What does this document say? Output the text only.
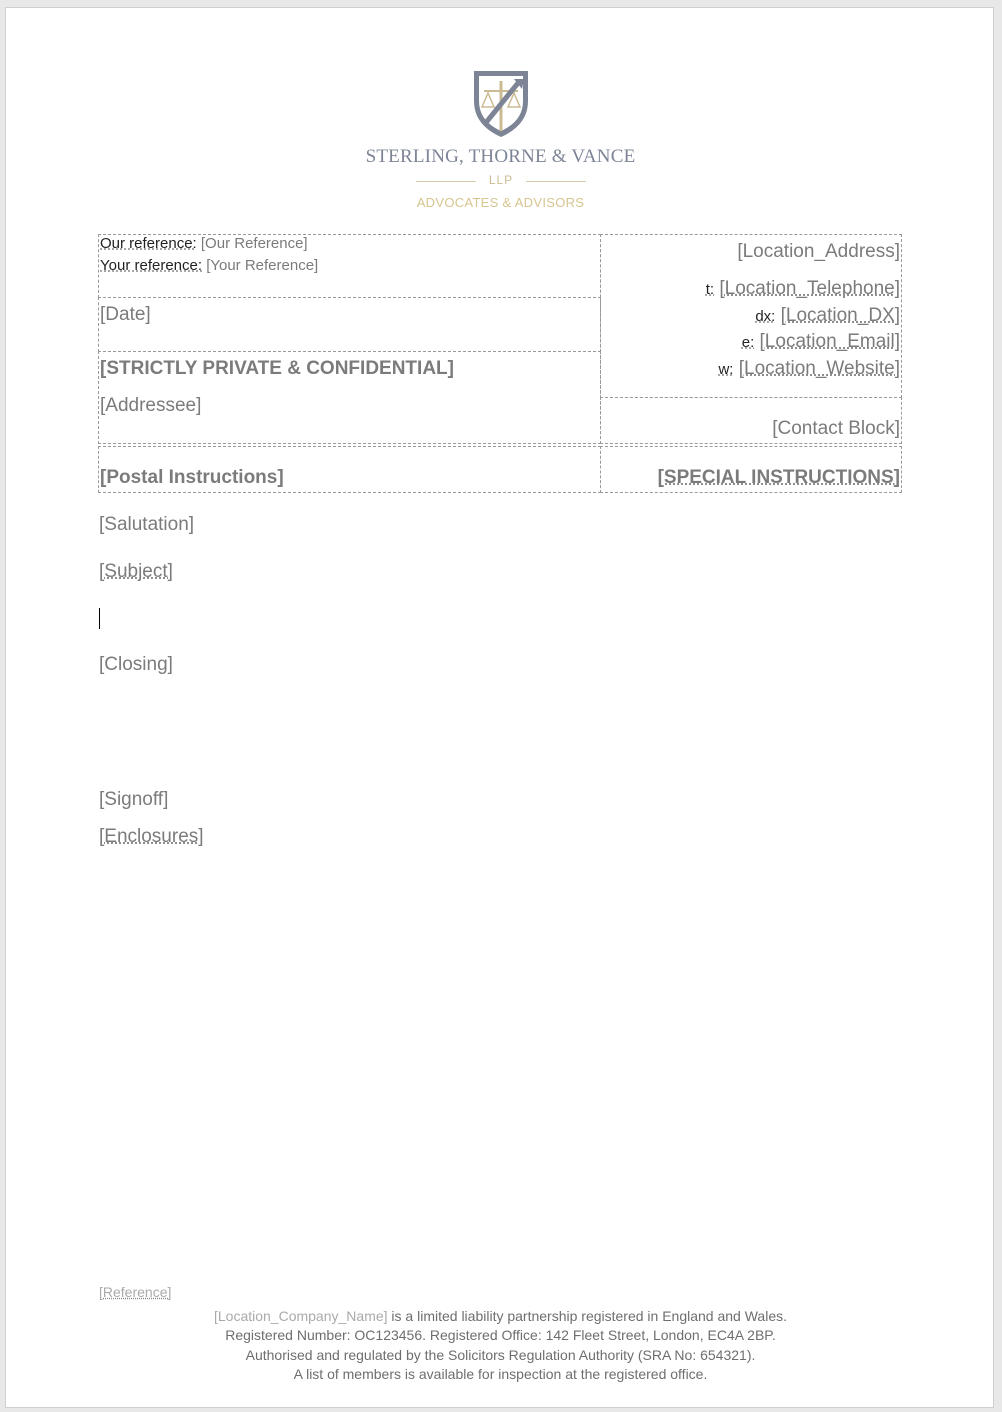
STERLING, THORNE & VANCE
LLP
ADVOCATES & ADVISORS
Our reference: [Our Reference]
Your reference: [Your Reference]
[Date]
[STRICTLY PRIVATE & CONFIDENTIAL]
[Addressee]
[Location_Address]
t: [Location_Telephone]
dx: [Location_DX]
e: [Location_Email]
w: [Location_Website]
[Contact Block]
[Postal Instructions]	[SPECIAL INSTRUCTIONS]
[Salutation]
[Subject]
[Closing]
[Signoff]
[Enclosures]
[Reference]
[Location_Company_Name] is a limited liability partnership registered in England and Wales.
Registered Number: OC123456. Registered Office: 142 Fleet Street, London, EC4A 2BP.
Authorised and regulated by the Solicitors Regulation Authority (SRA No: 654321).
A list of members is available for inspection at the registered office.
